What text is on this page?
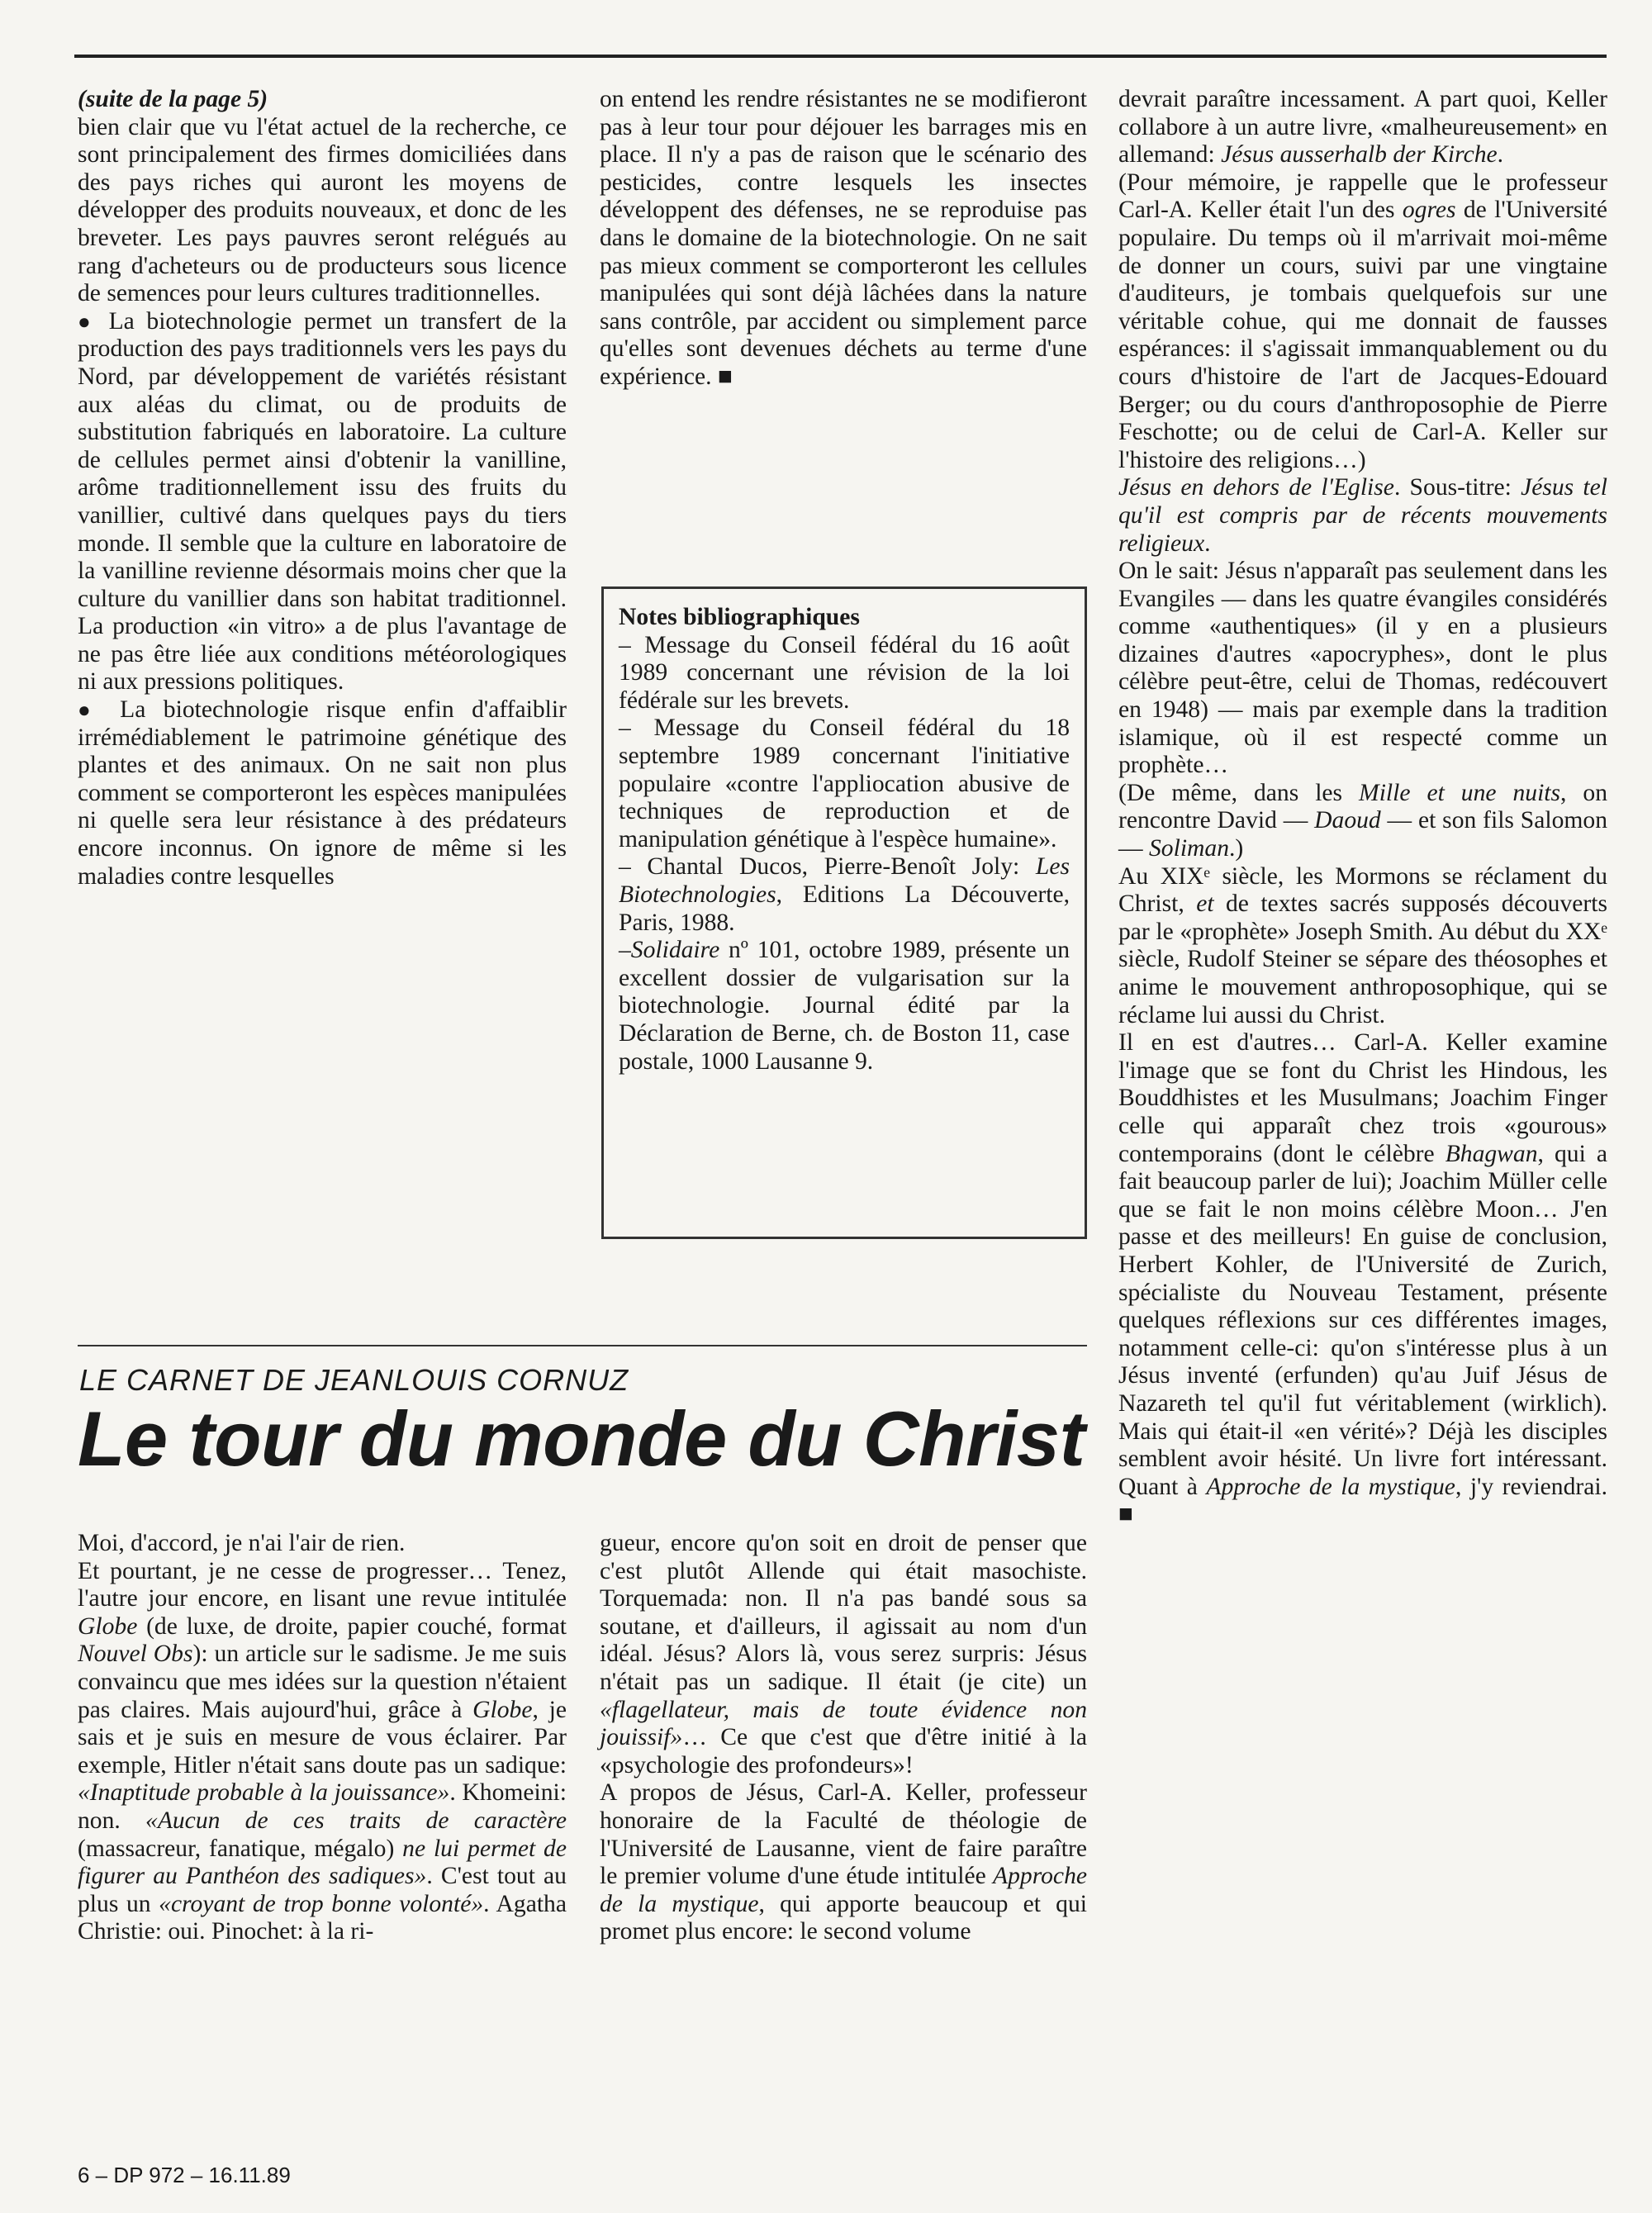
(suite de la page 5)

bien clair que vu l'état actuel de la recherche, ce sont principalement des firmes domiciliées dans des pays riches qui auront les moyens de développer des produits nouveaux, et donc de les breveter. Les pays pauvres seront relégués au rang d'acheteurs ou de producteurs sous licence de semences pour leurs cultures traditionnelles.

● La biotechnologie permet un transfert de la production des pays traditionnels vers les pays du Nord, par développement de variétés résistant aux aléas du climat, ou de produits de substitution fabriqués en laboratoire. La culture de cellules permet ainsi d'obtenir la vanilline, arôme traditionnellement issu des fruits du vanillier, cultivé dans quelques pays du tiers monde. Il semble que la culture en laboratoire de la vanilline revienne désormais moins cher que la culture du vanillier dans son habitat traditionnel. La production «in vitro» a de plus l'avantage de ne pas être liée aux conditions météorologiques ni aux pressions politiques.

● La biotechnologie risque enfin d'affaiblir irrémédiablement le patrimoine génétique des plantes et des animaux. On ne sait non plus comment se comporteront les espèces manipulées ni quelle sera leur résistance à des prédateurs encore inconnus. On ignore de même si les maladies contre lesquelles

on entend les rendre résistantes ne se modifieront pas à leur tour pour déjouer les barrages mis en place. Il n'y a pas de raison que le scénario des pesticides, contre lesquels les insectes développent des défenses, ne se reproduise pas dans le domaine de la biotechnologie. On ne sait pas mieux comment se comporteront les cellules manipulées qui sont déjà lâchées dans la nature sans contrôle, par accident ou simplement parce qu'elles sont devenues déchets au terme d'une expérience. ■

Notes bibliographiques

– Message du Conseil fédéral du 16 août 1989 concernant une révision de la loi fédérale sur les brevets.

– Message du Conseil fédéral du 18 septembre 1989 concernant l'initiative populaire «contre l'appliocation abusive de techniques de reproduction et de manipulation génétique à l'espèce humaine».

– Chantal Ducos, Pierre-Benoît Joly: Les Biotechnologies, Editions La Découverte, Paris, 1988.

–Solidaire nº 101, octobre 1989, présente un excellent dossier de vulgarisation sur la biotechnologie. Journal édité par la Déclaration de Berne, ch. de Boston 11, case postale, 1000 Lausanne 9.

LE CARNET DE JEANLOUIS CORNUZ
Le tour du monde du Christ

Moi, d'accord, je n'ai l'air de rien.

Et pourtant, je ne cesse de progresser… Tenez, l'autre jour encore, en lisant une revue intitulée Globe (de luxe, de droite, papier couché, format Nouvel Obs): un article sur le sadisme. Je me suis convaincu que mes idées sur la question n'étaient pas claires. Mais aujourd'hui, grâce à Globe, je sais et je suis en mesure de vous éclairer. Par exemple, Hitler n'était sans doute pas un sadique: «Inaptitude probable à la jouissance». Khomeini: non. «Aucun de ces traits de caractère (massacreur, fanatique, mégalo) ne lui permet de figurer au Panthéon des sadiques». C'est tout au plus un «croyant de trop bonne volonté». Agatha Christie: oui. Pinochet: à la ri-

gueur, encore qu'on soit en droit de penser que c'est plutôt Allende qui était masochiste. Torquemada: non. Il n'a pas bandé sous sa soutane, et d'ailleurs, il agissait au nom d'un idéal. Jésus? Alors là, vous serez surpris: Jésus n'était pas un sadique. Il était (je cite) un «flagellateur, mais de toute évidence non jouissif»… Ce que c'est que d'être initié à la «psychologie des profondeurs»!

A propos de Jésus, Carl-A. Keller, professeur honoraire de la Faculté de théologie de l'Université de Lausanne, vient de faire paraître le premier volume d'une étude intitulée Approche de la mystique, qui apporte beaucoup et qui promet plus encore: le second volume

devrait paraître incessament. A part quoi, Keller collabore à un autre livre, «malheureusement» en allemand: Jésus ausserhalb der Kirche.

(Pour mémoire, je rappelle que le professeur Carl-A. Keller était l'un des ogres de l'Université populaire. Du temps où il m'arrivait moi-même de donner un cours, suivi par une vingtaine d'auditeurs, je tombais quelquefois sur une véritable cohue, qui me donnait de fausses espérances: il s'agissait immanquablement ou du cours d'histoire de l'art de Jacques-Edouard Berger; ou du cours d'anthroposophie de Pierre Feschotte; ou de celui de Carl-A. Keller sur l'histoire des religions…)

Jésus en dehors de l'Eglise. Sous-titre: Jésus tel qu'il est compris par de récents mouvements religieux.

On le sait: Jésus n'apparaît pas seulement dans les Evangiles — dans les quatre évangiles considérés comme «authentiques» (il y en a plusieurs dizaines d'autres «apocryphes», dont le plus célèbre peut-être, celui de Thomas, redécouvert en 1948) — mais par exemple dans la tradition islamique, où il est respecté comme un prophète…

(De même, dans les Mille et une nuits, on rencontre David — Daoud — et son fils Salomon — Soliman.)

Au XIXᵉ siècle, les Mormons se réclament du Christ, et de textes sacrés supposés découverts par le «prophète» Joseph Smith. Au début du XXᵉ siècle, Rudolf Steiner se sépare des théosophes et anime le mouvement anthroposophique, qui se réclame lui aussi du Christ.

Il en est d'autres… Carl-A. Keller examine l'image que se font du Christ les Hindous, les Bouddhistes et les Musulmans; Joachim Finger celle qui apparaît chez trois «gourous» contemporains (dont le célèbre Bhagwan, qui a fait beaucoup parler de lui); Joachim Müller celle que se fait le non moins célèbre Moon… J'en passe et des meilleurs! En guise de conclusion, Herbert Kohler, de l'Université de Zurich, spécialiste du Nouveau Testament, présente quelques réflexions sur ces différentes images, notamment celle-ci: qu'on s'intéresse plus à un Jésus inventé (erfunden) qu'au Juif Jésus de Nazareth tel qu'il fut véritablement (wirklich). Mais qui était-il «en vérité»? Déjà les disciples semblent avoir hésité. Un livre fort intéressant. Quant à Approche de la mystique, j'y reviendrai. ■

6 – DP 972 – 16.11.89
